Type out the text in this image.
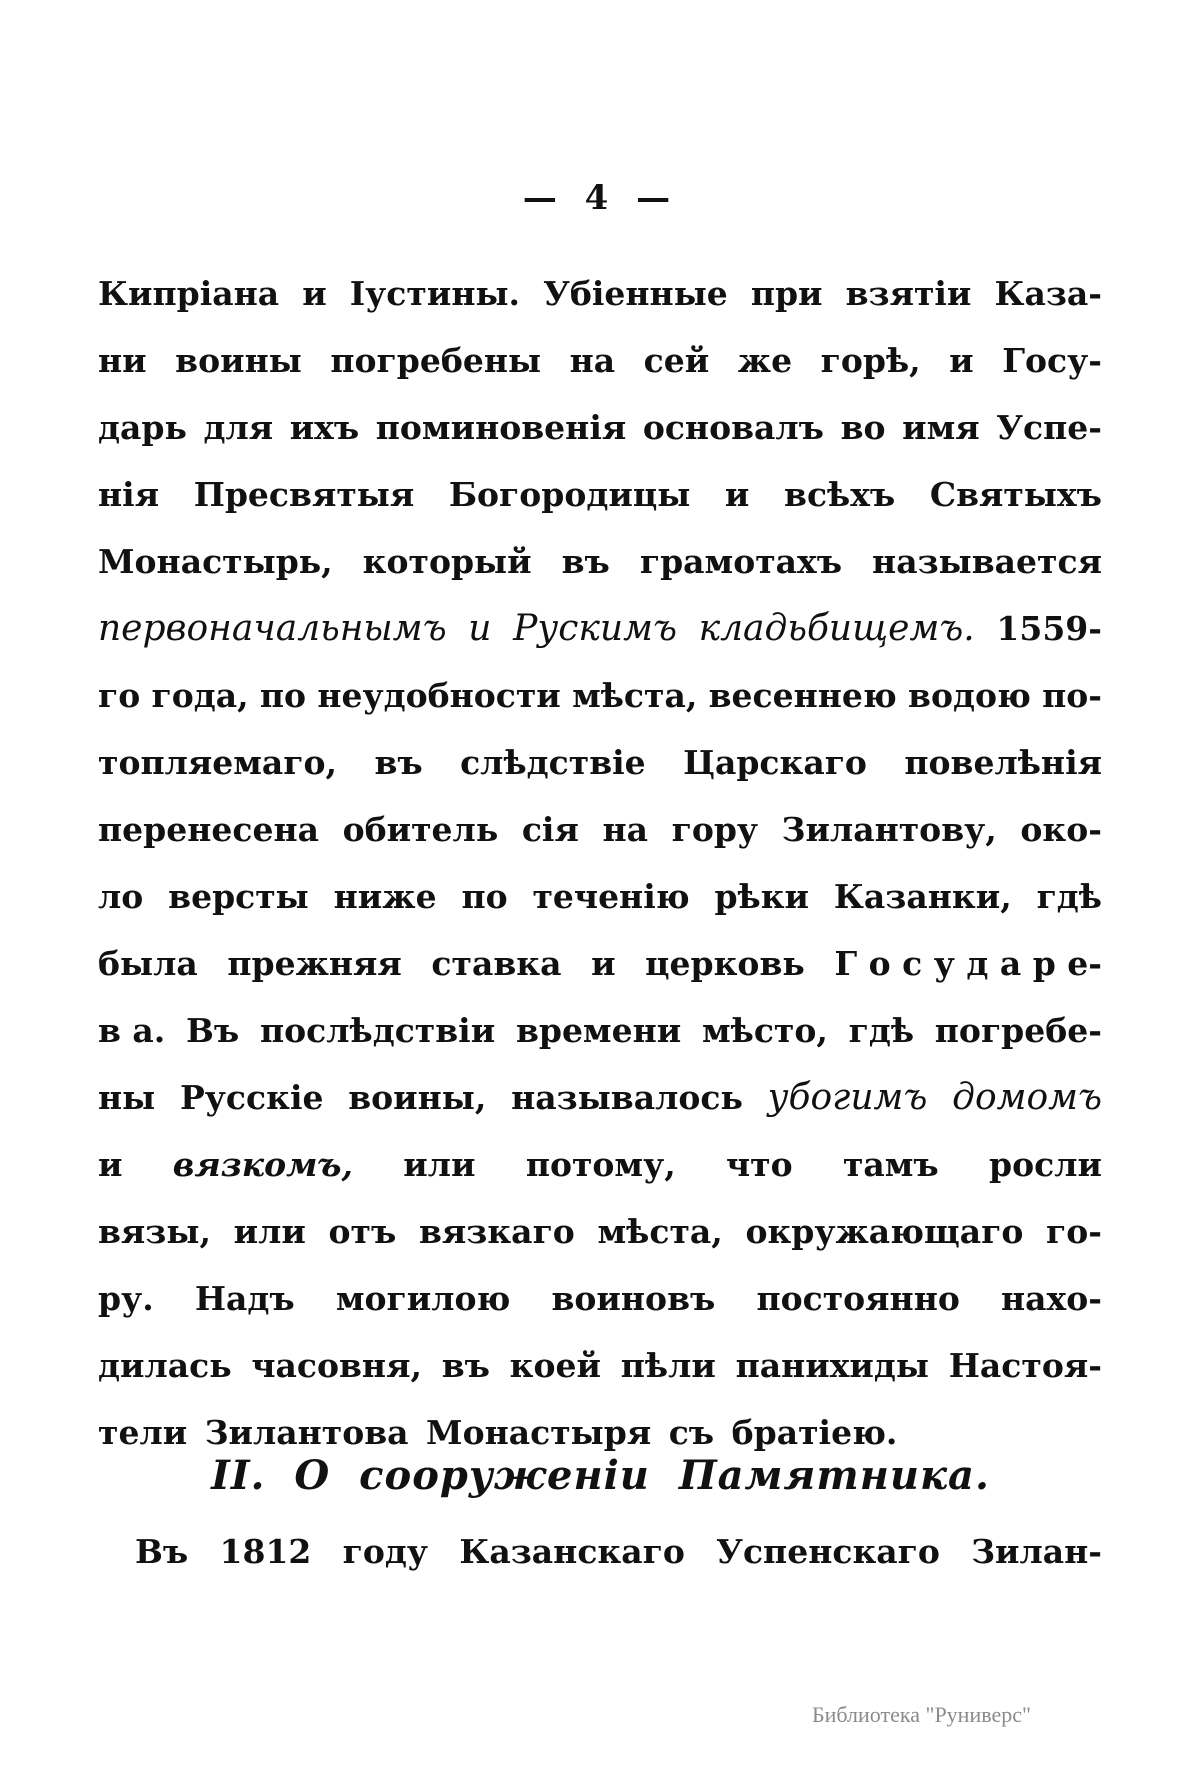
— 4 —
Кипріана и Іустины. Убіенные при взятіи Каза-
ни воины погребены на сей же горѣ, и Госу-
дарь для ихъ поминовенія основалъ во имя Успе-
нія Пресвятыя Богородицы и всѣхъ Святыхъ
Монастырь, который въ грамотахъ называется
первоначальнымъ и Рускимъ кладьбищемъ. 1559-
го года, по неудобности мѣста, весеннею водою по-
топляемаго, въ слѣдствіе Царскаго повелѣнія
перенесена обитель сія на гору Зилантову, око-
ло версты ниже по теченію рѣки Казанки, гдѣ
была прежняя ставка и церковь Г о с у д а р е-
в а. Въ послѣдствіи времени мѣсто, гдѣ погребе-
ны Русскіе воины, называлось убогимъ домомъ
и вязкомъ, или потому, что тамъ росли
вязы, или отъ вязкаго мѣста, окружающаго го-
ру. Надъ могилою воиновъ постоянно нахо-
дилась часовня, въ коей пѣли панихиды Настоя-
тели
Зилантова
Монастыря
съ
братіею.
II. О сооруженіи Памятника.
Въ 1812 году Казанскаго Успенскаго Зилан-
Библиотека "Руниверс"
